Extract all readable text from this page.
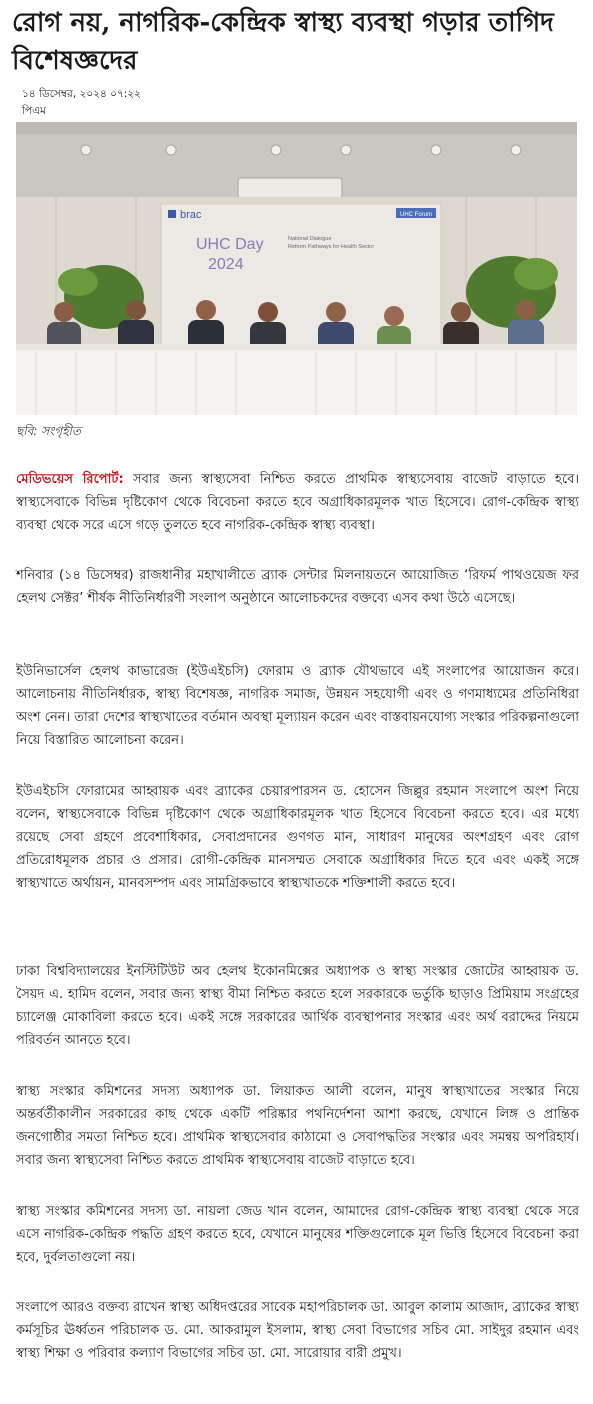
রোগ নয়, নাগরিক-কেন্দ্রিক স্বাস্থ্য ব্যবস্থা গড়ার তাগিদ বিশেষজ্ঞদের
১৪ ডিসেম্বর, ২০২৪ ০৭:২২
পিএম
brac	UHC Forum
UHC Day
2024
National Dialogue
Reform Pathways for Health Sector
ছবি: সংগৃহীত

মেডিভয়েস রিপোর্ট: সবার জন্য স্বাস্থ্যসেবা নিশ্চিত করতে প্রাথমিক স্বাস্থ্যসেবায় বাজেট বাড়াতে হবে। স্বাস্থ্যসেবাকে বিভিন্ন দৃষ্টিকোণ থেকে বিবেচনা করতে হবে অগ্রাধিকারমূলক খাত হিসেবে। রোগ-কেন্দ্রিক স্বাস্থ্য ব্যবস্থা থেকে সরে এসে গড়ে তুলতে হবে নাগরিক-কেন্দ্রিক স্বাস্থ্য ব্যবস্থা।

শনিবার (১৪ ডিসেম্বর) রাজধানীর মহাখালীতে ব্র্যাক সেন্টার মিলনায়তনে আয়োজিত ‘রিফর্ম পাথওয়েজ ফর হেলথ সেক্টর’ শীর্ষক নীতিনির্ধারণী সংলাপ অনুষ্ঠানে আলোচকদের বক্তব্যে এসব কথা উঠে এসেছে।

ইউনিভার্সেল হেলথ কাভারেজ (ইউএইচসি) ফোরাম ও ব্র্যাক যৌথভাবে এই সংলাপের আয়োজন করে। আলোচনায় নীতিনির্ধারক, স্বাস্থ্য বিশেষজ্ঞ, নাগরিক সমাজ, উন্নয়ন সহযোগী এবং ও গণমাধ্যমের প্রতিনিধিরা অংশ নেন। তারা দেশের স্বাস্থ্যখাতের বর্তমান অবস্থা মূল্যায়ন করেন এবং বাস্তবায়নযোগ্য সংস্কার পরিকল্পনাগুলো নিয়ে বিস্তারিত আলোচনা করেন।

ইউএইচসি ফোরামের আহ্বায়ক এবং ব্র্যাকের চেয়ারপারসন ড. হোসেন জিল্লুর রহমান সংলাপে অংশ নিয়ে বলেন, স্বাস্থ্যসেবাকে বিভিন্ন দৃষ্টিকোণ থেকে অগ্রাধিকারমূলক খাত হিসেবে বিবেচনা করতে হবে। এর মধ্যে রয়েছে সেবা গ্রহণে প্রবেশাধিকার, সেবাপ্রদানের গুণগত মান, সাধারণ মানুষের অংশগ্রহণ এবং রোগ প্রতিরোধমূলক প্রচার ও প্রসার। রোগী-কেন্দ্রিক মানসম্মত সেবাকে অগ্রাধিকার দিতে হবে এবং একই সঙ্গে স্বাস্থ্যখাতে অর্থায়ন, মানবসম্পদ এবং সামগ্রিকভাবে স্বাস্থ্যখাতকে শক্তিশালী করতে হবে।

ঢাকা বিশ্ববিদ্যালয়ের ইনস্টিটিউট অব হেলথ ইকোনমিক্সের অধ্যাপক ও স্বাস্থ্য সংস্কার জোটের আহ্বায়ক ড. সৈয়দ এ. হামিদ বলেন, সবার জন্য স্বাস্থ্য বীমা নিশ্চিত করতে হলে সরকারকে ভর্তুকি ছাড়াও প্রিমিয়াম সংগ্রহের চ্যালেঞ্জ মোকাবিলা করতে হবে। একই সঙ্গে সরকারের আর্থিক ব্যবস্থাপনার সংস্কার এবং অর্থ বরাদ্দের নিয়মে পরিবর্তন আনতে হবে।

স্বাস্থ্য সংস্কার কমিশনের সদস্য অধ্যাপক ডা. লিয়াকত আলী বলেন, মানুষ স্বাস্থ্যখাতের সংস্কার নিয়ে অন্তর্বর্তীকালীন সরকারের কাছ থেকে একটি পরিষ্কার পথনির্দেশনা আশা করছে, যেখানে লিঙ্গ ও প্রান্তিক জনগোষ্ঠীর সমতা নিশ্চিত হবে। প্রাথমিক স্বাস্থ্যসেবার কাঠামো ও সেবাপদ্ধতির সংস্কার এবং সমন্বয় অপরিহার্য। সবার জন্য স্বাস্থ্যসেবা নিশ্চিত করতে প্রাথমিক স্বাস্থ্যসেবায় বাজেট বাড়াতে হবে।

স্বাস্থ্য সংস্কার কমিশনের সদস্য ডা. নায়লা জেড খান বলেন, আমাদের রোগ-কেন্দ্রিক স্বাস্থ্য ব্যবস্থা থেকে সরে এসে নাগরিক-কেন্দ্রিক পদ্ধতি গ্রহণ করতে হবে, যেখানে মানুষের শক্তিগুলোকে মূল ভিত্তি হিসেবে বিবেচনা করা হবে, দুর্বলতাগুলো নয়।

সংলাপে আরও বক্তব্য রাখেন স্বাস্থ্য অধিদপ্তরের সাবেক মহাপরিচালক ডা. আবুল কালাম আজাদ, ব্র্যাকের স্বাস্থ্য কর্মসূচির ঊর্ধ্বতন পরিচালক ড. মো. আকরামুল ইসলাম, স্বাস্থ্য সেবা বিভাগের সচিব মো. সাইদুর রহমান এবং স্বাস্থ্য শিক্ষা ও পরিবার কল্যাণ বিভাগের সচিব ডা. মো. সারোয়ার বারী প্রমুখ।
